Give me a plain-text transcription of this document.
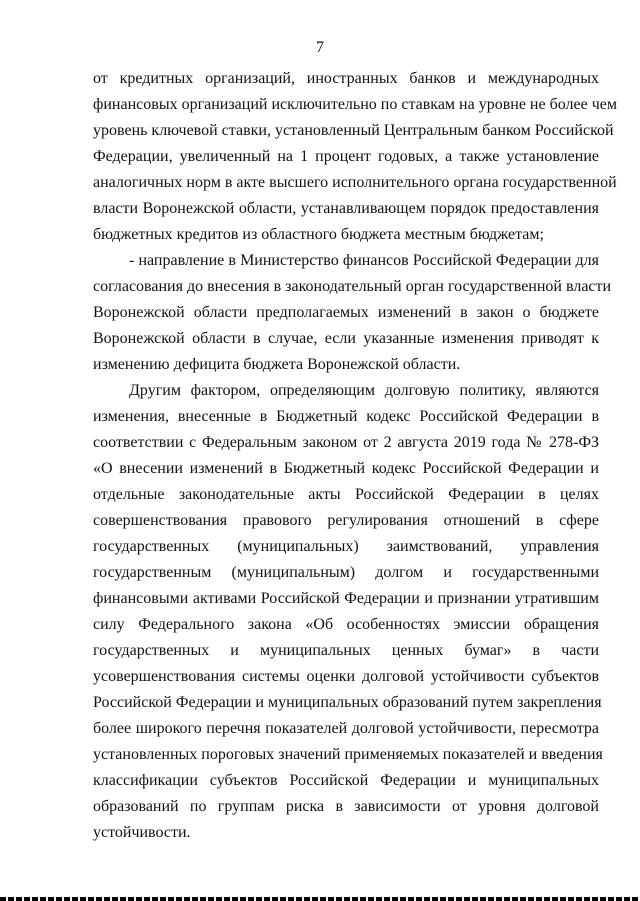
7

от кредитных организаций, иностранных банков и международных
финансовых организаций исключительно по ставкам на уровне не более чем
уровень ключевой ставки, установленный Центральным банком Российской
Федерации, увеличенный на 1 процент годовых, а также установление
аналогичных норм в акте высшего исполнительного органа государственной
власти Воронежской области, устанавливающем порядок предоставления
бюджетных кредитов из областного бюджета местным бюджетам;

- направление в Министерство финансов Российской Федерации для
согласования до внесения в законодательный орган государственной власти
Воронежской области предполагаемых изменений в закон о бюджете
Воронежской области в случае, если указанные изменения приводят к
изменению дефицита бюджета Воронежской области.

Другим фактором, определяющим долговую политику, являются
изменения, внесенные в Бюджетный кодекс Российской Федерации в
соответствии с Федеральным законом от 2 августа 2019 года № 278-ФЗ
«О внесении изменений в Бюджетный кодекс Российской Федерации и
отдельные законодательные акты Российской Федерации в целях
совершенствования правового регулирования отношений в сфере
государственных (муниципальных) заимствований, управления
государственным (муниципальным) долгом и государственными
финансовыми активами Российской Федерации и признании утратившим
силу Федерального закона «Об особенностях эмиссии обращения
государственных и муниципальных ценных бумаг» в части
усовершенствования системы оценки долговой устойчивости субъектов
Российской Федерации и муниципальных образований путем закрепления
более широкого перечня показателей долговой устойчивости, пересмотра
установленных пороговых значений применяемых показателей и введения
классификации субъектов Российской Федерации и муниципальных
образований по группам риска в зависимости от уровня долговой
устойчивости.
